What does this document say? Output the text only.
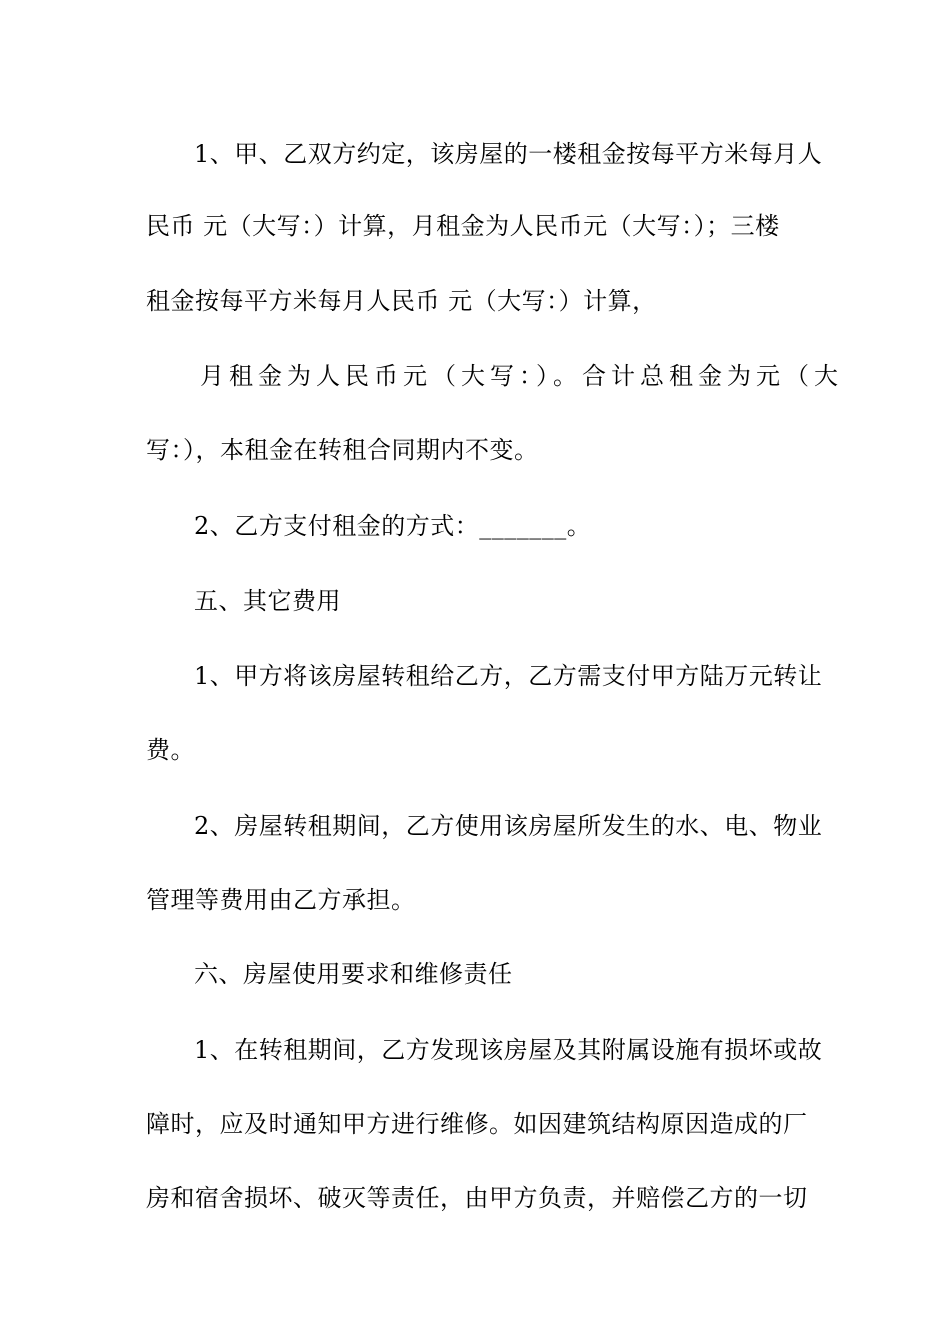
1、甲、乙双方约定，该房屋的一楼租金按每平方米每月人
民币 元（大写：）计算，月租金为人民币元（大写：）；三楼
租金按每平方米每月人民币 元（大写：）计算，
月租金为人民币元（大写：）。合计总租金为元（大
写：），本租金在转租合同期内不变。
2、乙方支付租金的方式：_______。
五、其它费用
1、甲方将该房屋转租给乙方，乙方需支付甲方陆万元转让
费。
2、房屋转租期间，乙方使用该房屋所发生的水、电、物业
管理等费用由乙方承担。
六、房屋使用要求和维修责任
1、在转租期间，乙方发现该房屋及其附属设施有损坏或故
障时，应及时通知甲方进行维修。如因建筑结构原因造成的厂
房和宿舍损坏、破灭等责任，由甲方负责，并赔偿乙方的一切
